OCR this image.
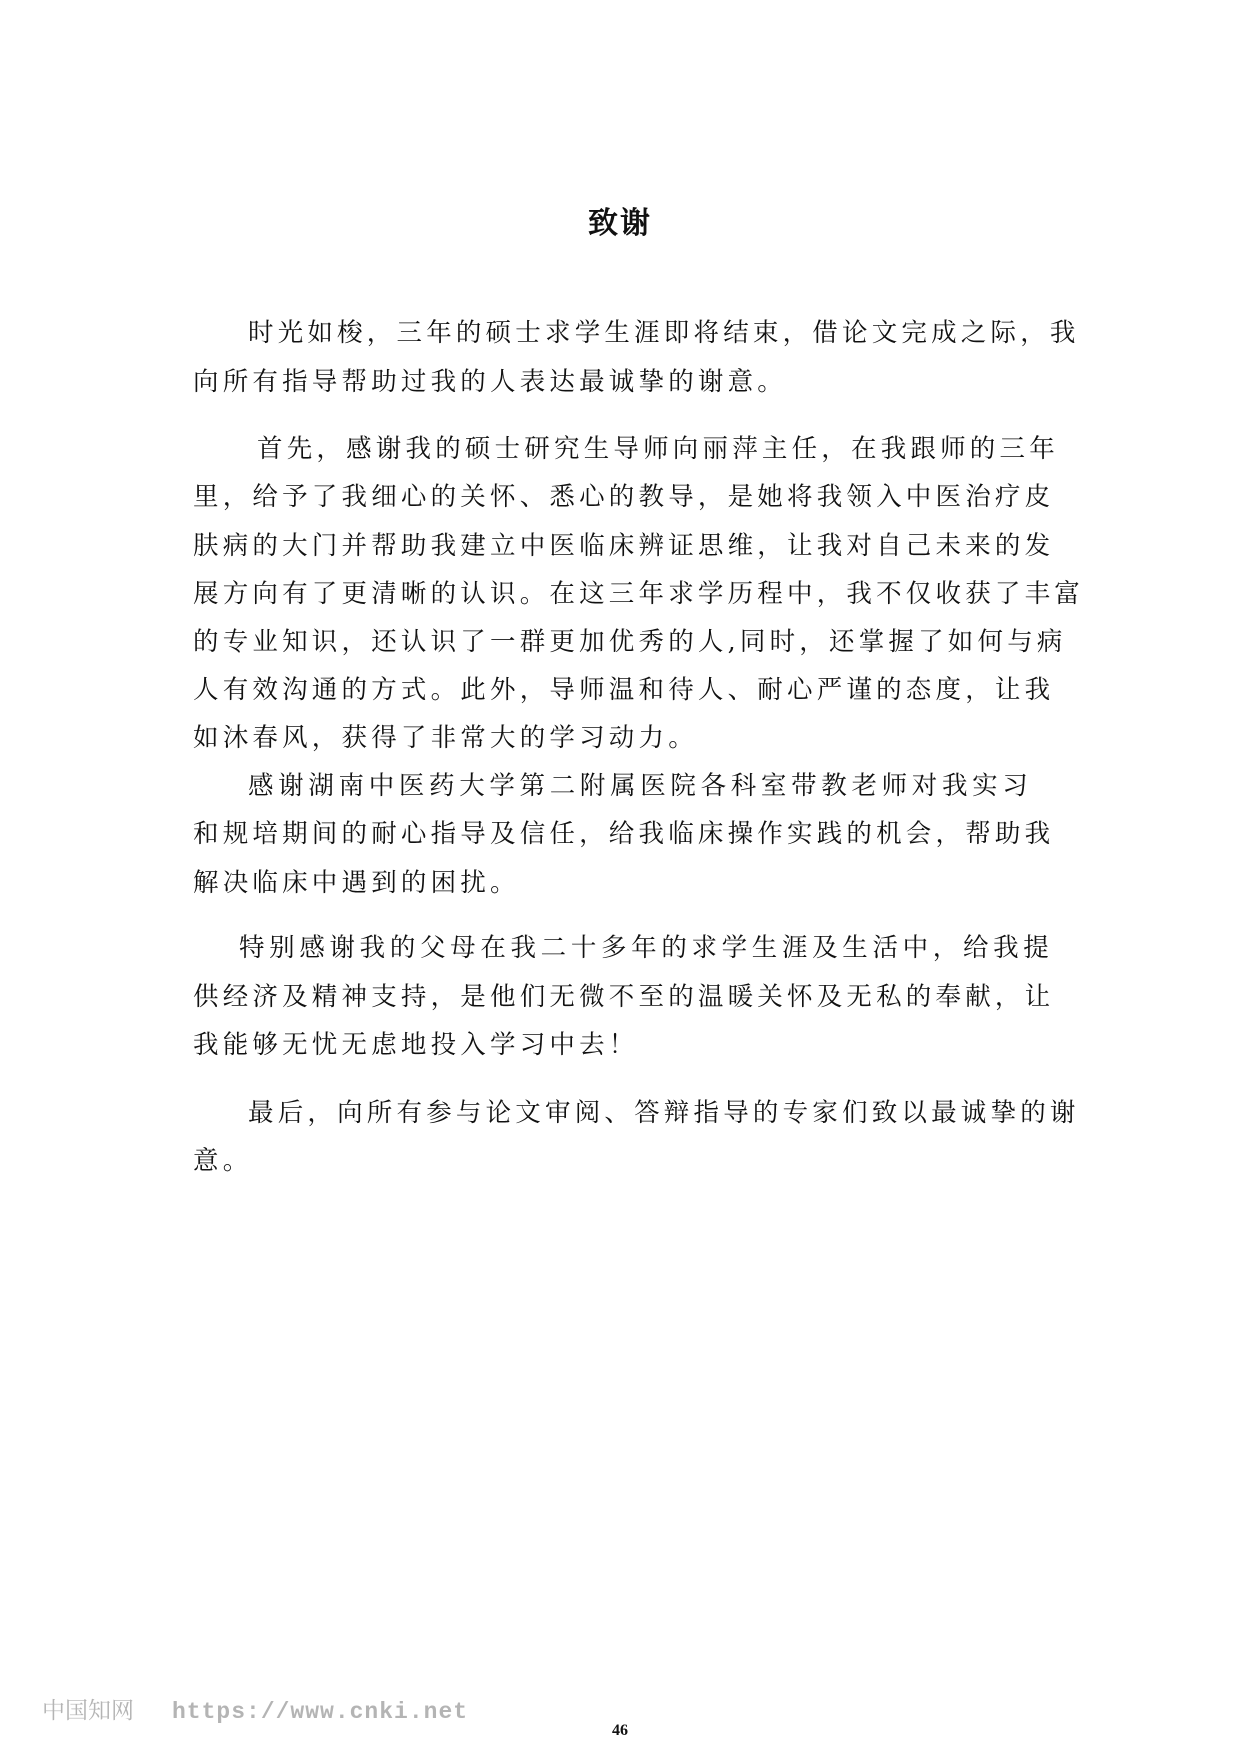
致谢
时光如梭，三年的硕士求学生涯即将结束，借论文完成之际，我
向所有指导帮助过我的人表达最诚挚的谢意。
首先，感谢我的硕士研究生导师向丽萍主任，在我跟师的三年
里，给予了我细心的关怀、悉心的教导，是她将我领入中医治疗皮
肤病的大门并帮助我建立中医临床辨证思维，让我对自己未来的发
展方向有了更清晰的认识。在这三年求学历程中，我不仅收获了丰富
的专业知识，还认识了一群更加优秀的人,同时，还掌握了如何与病
人有效沟通的方式。此外，导师温和待人、耐心严谨的态度，让我
如沐春风，获得了非常大的学习动力。
感谢湖南中医药大学第二附属医院各科室带教老师对我实习
和规培期间的耐心指导及信任，给我临床操作实践的机会，帮助我
解决临床中遇到的困扰。
特别感谢我的父母在我二十多年的求学生涯及生活中，给我提
供经济及精神支持，是他们无微不至的温暖关怀及无私的奉献，让
我能够无忧无虑地投入学习中去！
最后，向所有参与论文审阅、答辩指导的专家们致以最诚挚的谢
意。
中国知网 https://www.cnki.net
46
